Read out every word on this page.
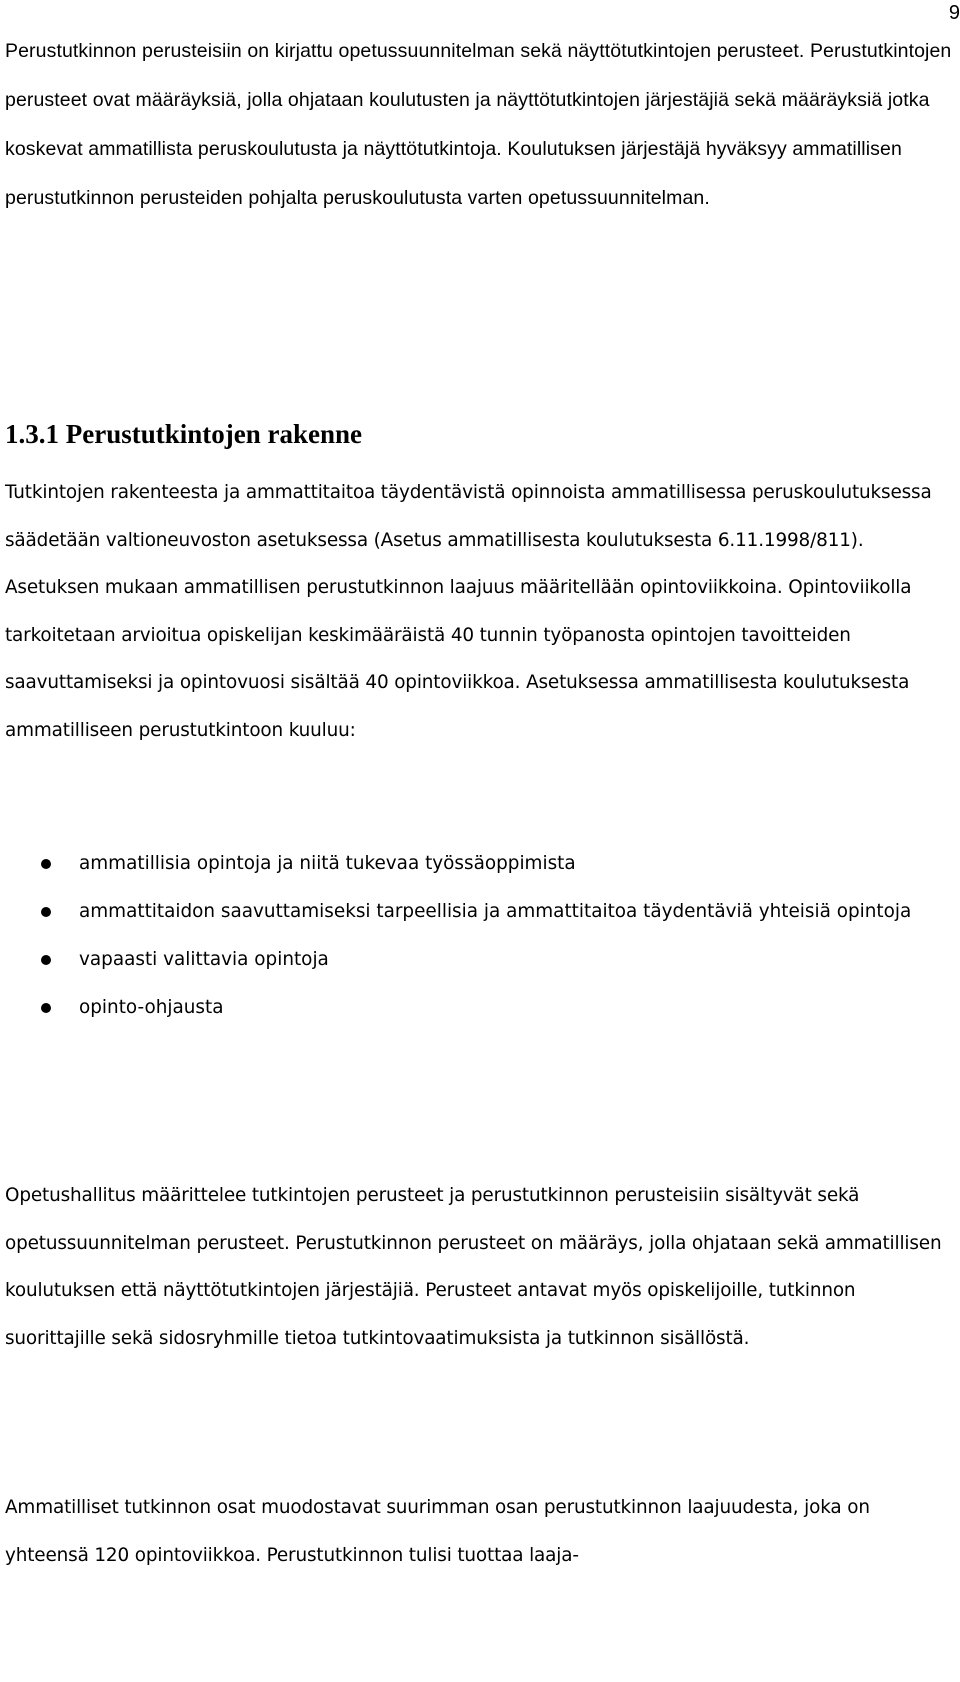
9

Perustutkinnon perusteisiin on kirjattu opetussuunnitelman sekä näyttötutkintojen perusteet. Perustutkintojen perusteet ovat määräyksiä, jolla ohjataan koulutusten ja näyttötutkintojen järjestäjiä sekä määräyksiä jotka koskevat ammatillista peruskoulutusta ja näyttötutkintoja. Koulutuksen järjestäjä hyväksyy ammatillisen perustutkinnon perusteiden pohjalta peruskoulutusta varten opetussuunnitelman.

1.3.1 Perustutkintojen rakenne

Tutkintojen rakenteesta ja ammattitaitoa täydentävistä opinnoista ammatillisessa peruskoulutuksessa säädetään valtioneuvoston asetuksessa (Asetus ammatillisesta koulutuksesta 6.11.1998/811). Asetuksen mukaan ammatillisen perustutkinnon laajuus määritellään opintoviikkoina. Opintoviikolla tarkoitetaan arvioitua opiskelijan keskimääräistä 40 tunnin työpanosta opintojen tavoitteiden saavuttamiseksi ja opintovuosi sisältää 40 opintoviikkoa. Asetuksessa ammatillisesta koulutuksesta ammatilliseen perustutkintoon kuuluu:

ammatillisia opintoja ja niitä tukevaa työssäoppimista
ammattitaidon saavuttamiseksi tarpeellisia ja ammattitaitoa täydentäviä yhteisiä opintoja
vapaasti valittavia opintoja
opinto-ohjausta

Opetushallitus määrittelee tutkintojen perusteet ja perustutkinnon perusteisiin sisältyvät sekä opetussuunnitelman perusteet. Perustutkinnon perusteet on määräys, jolla ohjataan sekä ammatillisen koulutuksen että näyttötutkintojen järjestäjiä. Perusteet antavat myös opiskelijoille, tutkinnon suorittajille sekä sidosryhmille tietoa tutkintovaatimuksista ja tutkinnon sisällöstä.

Ammatilliset tutkinnon osat muodostavat suurimman osan perustutkinnon laajuudesta, joka on yhteensä 120 opintoviikkoa. Perustutkinnon tulisi tuottaa laaja-
